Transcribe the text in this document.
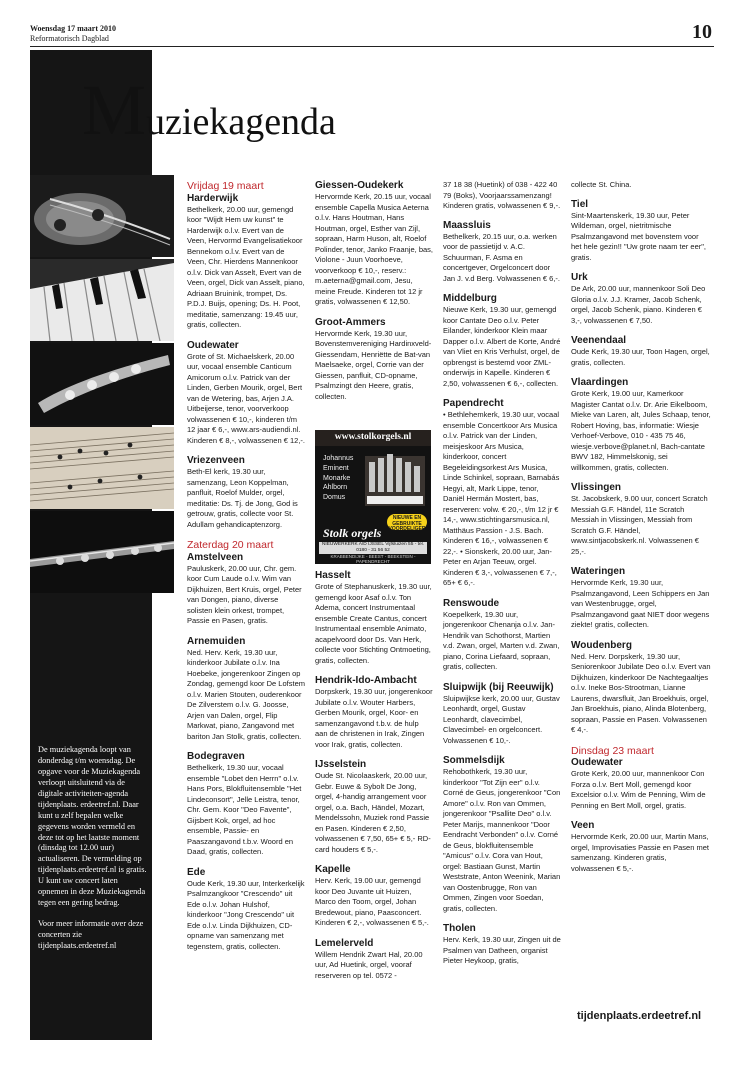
Woensdag 17 maart 2010
Reformatorisch Dagblad	10
Muziekagenda

De muziekagenda loopt van donderdag t/m woensdag. De opgave voor de Muziekagenda verloopt uitsluitend via de digitale activiteiten-agenda tijdenplaats. erdeetref.nl. Daar kunt u zelf bepalen welke gegevens worden vermeld en deze tot op het laatste moment (dinsdag tot 12.00 uur) actualiseren. De vermelding op tijdenplaats.erdeetref.nl is gratis. U kunt uw concert laten opnemen in deze Muziekagenda tegen een gering bedrag.

Voor meer informatie over deze concerten zie tijdenplaats.erdeetref.nl

Vrijdag 19 maart
Harderwijk

Bethelkerk, 20.00 uur, gemengd koor "Wijdt Hem uw kunst" te Harderwijk o.l.v. Evert van de Veen, Hervormd Evangelisatiekoor Bennekom o.l.v. Evert van de Veen, Chr. Hierdens Mannenkoor o.l.v. Dick van Asselt, Evert van de Veen, orgel, Dick van Asselt, piano, Adriaan Bruinink, trompet, Ds. P.D.J. Buijs, opening; Ds. H. Poot, meditatie, samenzang: 19.45 uur, gratis, collecten.

Oudewater

Grote of St. Michaelskerk, 20.00 uur, vocaal ensemble Canticum Amicorum o.l.v. Patrick van der Linden, Gerben Mourik, orgel, Bert van de Wetering, bas, Arjen J.A. Uitbeijerse, tenor, voorverkoop volwassenen € 10,-, kinderen t/m 12 jaar € 6,-, www.ars-audiendi.nl. Kinderen € 8,-, volwassenen € 12,-.

Vriezenveen

Beth-El kerk, 19.30 uur, samenzang, Leon Koppelman, panfluit, Roelof Mulder, orgel, meditatie: Ds. Tj. de Jong, God is getrouw, gratis, collecte voor St. Adullam gehandicaptenzorg.

Zaterdag 20 maart
Amstelveen

Pauluskerk, 20.00 uur, Chr. gem. koor Cum Laude o.l.v. Wim van Dijkhuizen, Bert Kruis, orgel, Peter van Dongen, piano, diverse solisten klein orkest, trompet, Passie en Pasen, gratis.

Arnemuiden

Ned. Herv. Kerk, 19.30 uur, kinderkoor Jubilate o.l.v. Ina Hoebeke, jongerenkoor Zingen op Zondag, gemengd koor De Lofstem o.l.v. Marien Stouten, ouderenkoor De Zilverstem o.l.v. G. Joosse, Arjen van Dalen, orgel, Flip Markwat, piano, Zangavond met bariton Jan Stolk, gratis, collecten.

Bodegraven

Bethelkerk, 19.30 uur, vocaal ensemble "Lobet den Herrn" o.l.v. Hans Pors, Blokfluitensemble "Het Lindeconsort", Jelle Leistra, tenor, Chr. Gem. Koor "Deo Favente", Gijsbert Kok, orgel, ad hoc ensemble, Passie- en Paaszangavond t.b.v. Woord en Daad, gratis, collecten.

Ede

Oude Kerk, 19.30 uur, Interkerkelijk Psalmzangkoor "Crescendo" uit Ede o.l.v. Johan Hulshof, kinderkoor "Jong Crescendo" uit Ede o.l.v. Linda Dijkhuizen, CD-opname van samenzang met tegenstem, gratis, collecten.

Giessen-Oudekerk

Hervormde Kerk, 20.15 uur, vocaal ensemble Capella Musica Aeterna o.l.v. Hans Houtman, Hans Houtman, orgel, Esther van Zijl, sopraan, Harm Huson, alt, Roelof Polinder, tenor, Janko Fraanje, bas, Violone - Juun Voorhoeve, voorverkoop € 10,-, reserv.: m.aeterna@gmail.com, Jesu, meine Freude. Kinderen tot 12 jr gratis, volwassenen € 12,50.

Groot-Ammers

Hervormde Kerk, 19.30 uur, Bovenstemvereniging Hardinxveld-Giessendam, Henriëtte de Bat-van Maelsaeke, orgel, Corrie van der Giessen, panfluit, CD-opname, Psalmzingt den Heere, gratis, collecten.

www.stolkorgels.nl
Johannus
Eminent
Monarke
Ahlborn
Domus
NIEUWE EN GEBRUIKTE VOORDELIGER
Stolk orgels
NIEUWERKERK A/D IJSSEL Vijfsluizen 55 - tel. 0180 - 31 56 52
KRABBENDIJKE - BEEST - BEEKSTEIN - PAPENDRECHT
Hasselt

Grote of Stephanuskerk, 19.30 uur, gemengd koor Asaf o.l.v. Ton Adema, concert Instrumentaal ensemble Create Cantus, concert Instrumentaal ensemble Animato, acapelvoord door Ds. Van Herk, collecte voor Stichting Ontmoeting, gratis, collecten.

Hendrik-Ido-Ambacht

Dorpskerk, 19.30 uur, jongerenkoor Jubilate o.l.v. Wouter Harbers, Gerben Mourik, orgel, Koor- en samenzangavond t.b.v. de hulp aan de christenen in Irak, Zingen voor Irak, gratis, collecten.

IJsselstein

Oude St. Nicolaaskerk, 20.00 uur, Gebr. Euwe & Sybolt De Jong, orgel, 4-handig arrangement voor orgel, o.a. Bach, Händel, Mozart, Mendelssohn, Muziek rond Passie en Pasen. Kinderen € 2,50, volwassenen € 7,50, 65+ € 5,- RD-card houders € 5,-.

Kapelle

Herv. Kerk, 19.00 uur, gemengd koor Deo Juvante uit Huizen, Marco den Toom, orgel, Johan Bredewout, piano, Paasconcert. Kinderen € 2,-, volwassenen € 5,-.

Lemelerveld

Willem Hendrik Zwart Hal, 20.00 uur, Ad Huetink, orgel, vooraf reserveren op tel. 0572 -

37 18 38 (Huetink) of 038 - 422 40 79 (Boks), Voorjaarssamenzang! Kinderen gratis, volwassenen € 9,-.

Maassluis

Bethelkerk, 20.15 uur, o.a. werken voor de passietijd v. A.C. Schuurman, F. Asma en concertgever, Orgelconcert door Jan J. v.d Berg. Volwassenen € 6,-.

Middelburg

Nieuwe Kerk, 19.30 uur, gemengd koor Cantate Deo o.l.v. Peter Eilander, kinderkoor Klein maar Dapper o.l.v. Albert de Korte, André van Vliet en Kris Verhulst, orgel, de opbrengst is bestemd voor ZML-onderwijs in Kapelle. Kinderen € 2,50, volwassenen € 6,-, collecten.

Papendrecht

• Bethlehemkerk, 19.30 uur, vocaal ensemble Concertkoor Ars Musica o.l.v. Patrick van der Linden, meisjeskoor Ars Musica, kinderkoor, concert Begeleidingsorkest Ars Musica, Linde Schinkel, sopraan, Barnabás Hegyi, alt, Mark Lippe, tenor, Daniël Hermán Mostert, bas, reserveren: volw. € 20,-, t/m 12 jr € 14,-, www.stichtingarsmusica.nl, Matthäus Passion - J.S. Bach. Kinderen € 16,-, volwassenen € 22,-. • Sionskerk, 20.00 uur, Jan-Peter en Arjan Teeuw, orgel. Kinderen € 3,-, volwassenen € 7,-, 65+ € 6,-.

Renswoude

Koepelkerk, 19.30 uur, jongerenkoor Chenanja o.l.v. Jan-Hendrik van Schothorst, Martien v.d. Zwan, orgel, Marten v.d. Zwan, piano, Corina Liefaard, sopraan, gratis, collecten.

Sluipwijk (bij Reeuwijk)

Sluipwijkse kerk, 20.00 uur, Gustav Leonhardt, orgel, Gustav Leonhardt, clavecimbel, Clavecimbel- en orgelconcert. Volwassenen € 10,-.

Sommelsdijk

Rehobothkerk, 19.30 uur, kinderkoor "Tot Zijn eer" o.l.v. Corné de Geus, jongerenkoor "Con Amore" o.l.v. Ron van Ommen, jongerenkoor "Psallite Deo" o.l.v. Peter Marijs, mannenkoor "Door Eendracht Verbonden" o.l.v. Corné de Geus, blokfluitensemble "Amicus" o.l.v. Cora van Hout, orgel: Bastiaan Gunst, Martin Weststrate, Anton Weenink, Marian van Oostenbrugge, Ron van Ommen, Zingen voor Soedan, gratis, collecten.

Tholen

Herv. Kerk, 19.30 uur, Zingen uit de Psalmen van Datheen, organist Pieter Heykoop, gratis,

collecte St. China.

Tiel

Sint-Maartenskerk, 19.30 uur, Peter Wildeman, orgel, nietritmische Psalmzangavond met bovenstem voor het hele gezin!! "Uw grote naam ter eer", gratis.

Urk

De Ark, 20.00 uur, mannenkoor Soli Deo Gloria o.l.v. J.J. Kramer, Jacob Schenk, orgel, Jacob Schenk, piano. Kinderen € 3,-, volwassenen € 7,50.

Veenendaal

Oude Kerk, 19.30 uur, Toon Hagen, orgel, gratis, collecten.

Vlaardingen

Grote Kerk, 19.00 uur, Kamerkoor Magister Cantat o.l.v. Dr. Arie Eikelboom, Mieke van Laren, alt, Jules Schaap, tenor, Robert Hoving, bas, informatie: Wiesje Verhoef-Verbove, 010 - 435 75 46, wiesje.verbove@planet.nl, Bach-cantate BWV 182, Himmelskonig, sei willkommen, gratis, collecten.

Vlissingen

St. Jacobskerk, 9.00 uur, concert Scratch Messiah G.F. Händel, 11e Scratch Messiah in Vlissingen, Messiah from Scratch G.F. Händel, www.sintjacobskerk.nl. Volwassenen € 25,-.

Wateringen

Hervormde Kerk, 19.30 uur, Psalmzangavond, Leen Schippers en Jan van Westenbrugge, orgel, Psalmzangavond gaat NIET door wegens ziekte! gratis, collecten.

Woudenberg

Ned. Herv. Dorpskerk, 19.30 uur, Seniorenkoor Jubilate Deo o.l.v. Evert van Dijkhuizen, kinderkoor De Nachtegaaltjes o.l.v. Ineke Bos-Strootman, Lianne Laurens, dwarsfluit, Jan Broekhuis, orgel, Jan Broekhuis, piano, Alinda Blotenberg, sopraan, Passie en Pasen. Volwassenen € 4,-.

Dinsdag 23 maart
Oudewater

Grote Kerk, 20.00 uur, mannenkoor Con Forza o.l.v. Bert Moll, gemengd koor Excelsior o.l.v. Wim de Penning, Wim de Penning en Bert Moll, orgel, gratis.

Veen

Hervormde Kerk, 20.00 uur, Martin Mans, orgel, Improvisaties Passie en Pasen met samenzang. Kinderen gratis, volwassenen € 5,-.

tijdenplaats.erdeetref.nl
